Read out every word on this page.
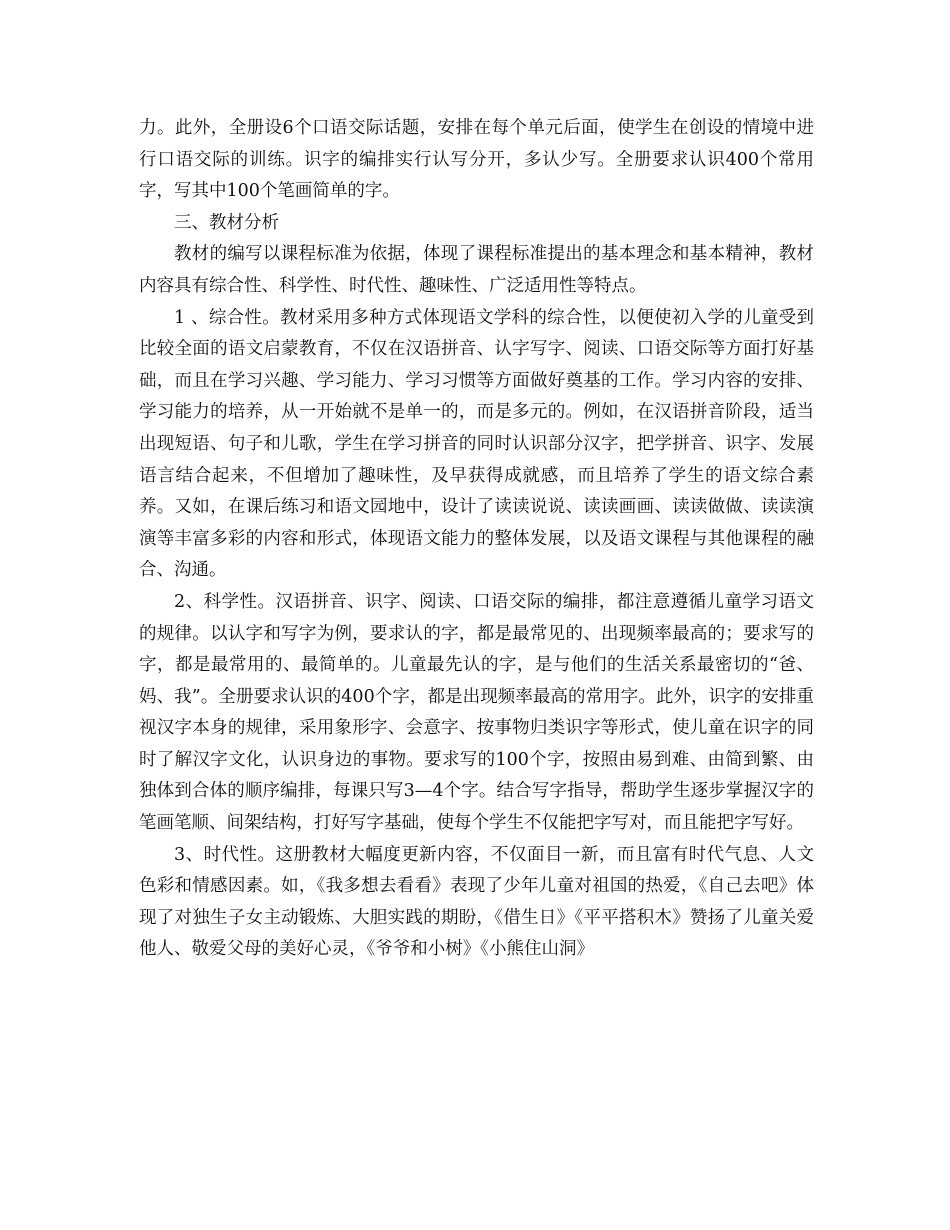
力。此外，全册设6个口语交际话题，安排在每个单元后面，使学生在创设的情境中进行口语交际的训练。识字的编排实行认写分开，多认少写。全册要求认识400个常用字，写其中100个笔画简单的字。

三、教材分析

教材的编写以课程标准为依据，体现了课程标准提出的基本理念和基本精神，教材内容具有综合性、科学性、时代性、趣味性、广泛适用性等特点。

1 、综合性。教材采用多种方式体现语文学科的综合性，以便使初入学的儿童受到比较全面的语文启蒙教育，不仅在汉语拼音、认字写字、阅读、口语交际等方面打好基础，而且在学习兴趣、学习能力、学习习惯等方面做好奠基的工作。学习内容的安排、学习能力的培养，从一开始就不是单一的，而是多元的。例如，在汉语拼音阶段，适当出现短语、句子和儿歌，学生在学习拼音的同时认识部分汉字，把学拼音、识字、发展语言结合起来，不但增加了趣味性，及早获得成就感，而且培养了学生的语文综合素养。又如，在课后练习和语文园地中，设计了读读说说、读读画画、读读做做、读读演演等丰富多彩的内容和形式，体现语文能力的整体发展，以及语文课程与其他课程的融合、沟通。

2、科学性。汉语拼音、识字、阅读、口语交际的编排，都注意遵循儿童学习语文的规律。以认字和写字为例，要求认的字，都是最常见的、出现频率最高的；要求写的字，都是最常用的、最简单的。儿童最先认的字，是与他们的生活关系最密切的“爸、妈、我”。全册要求认识的400个字，都是出现频率最高的常用字。此外，识字的安排重视汉字本身的规律，采用象形字、会意字、按事物归类识字等形式，使儿童在识字的同时了解汉字文化，认识身边的事物。要求写的100个字，按照由易到难、由简到繁、由独体到合体的顺序编排，每课只写3—4个字。结合写字指导，帮助学生逐步掌握汉字的笔画笔顺、间架结构，打好写字基础，使每个学生不仅能把字写对，而且能把字写好。

3、时代性。这册教材大幅度更新内容，不仅面目一新，而且富有时代气息、人文色彩和情感因素。如，《我多想去看看》表现了少年儿童对祖国的热爱，《自己去吧》体现了对独生子女主动锻炼、大胆实践的期盼，《借生日》《平平搭积木》赞扬了儿童关爱他人、敬爱父母的美好心灵，《爷爷和小树》《小熊住山洞》
